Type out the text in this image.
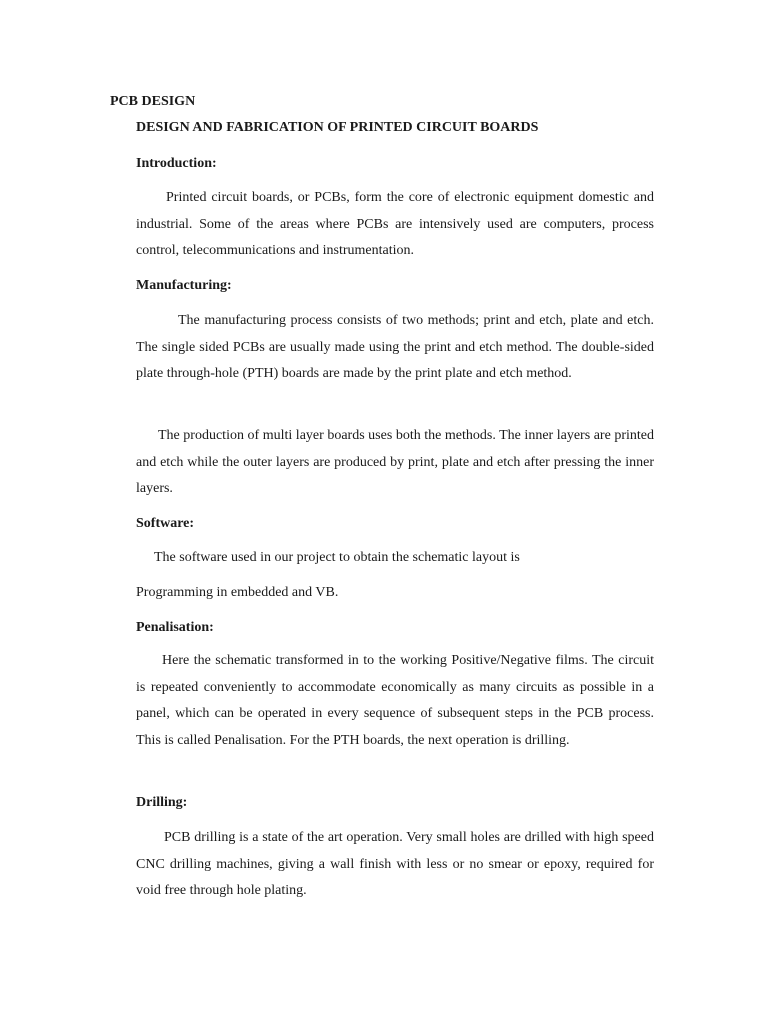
PCB DESIGN
DESIGN AND FABRICATION OF PRINTED CIRCUIT BOARDS
Introduction:
Printed circuit boards, or PCBs, form the core of electronic equipment domestic and industrial. Some of the areas where PCBs are intensively used are computers, process control, telecommunications and instrumentation.
Manufacturing:
The manufacturing process consists of two methods; print and etch, plate and etch. The single sided PCBs are usually made using the print and etch method. The double-sided plate through-hole (PTH) boards are made by the print plate and etch method.
The production of multi layer boards uses both the methods. The inner layers are printed and etch while the outer layers are produced by print, plate and etch after pressing the inner layers.
Software:
The software used in our project to obtain the schematic layout is
Programming in embedded and VB.
Penalisation:
Here the schematic transformed in to the working Positive/Negative films. The circuit is repeated conveniently to accommodate economically as many circuits as possible in a panel, which can be operated in every sequence of subsequent steps in the PCB process. This is called Penalisation. For the PTH boards, the next operation is drilling.
Drilling:
PCB drilling is a state of the art operation. Very small holes are drilled with high speed CNC drilling machines, giving a wall finish with less or no smear or epoxy, required for void free through hole plating.
